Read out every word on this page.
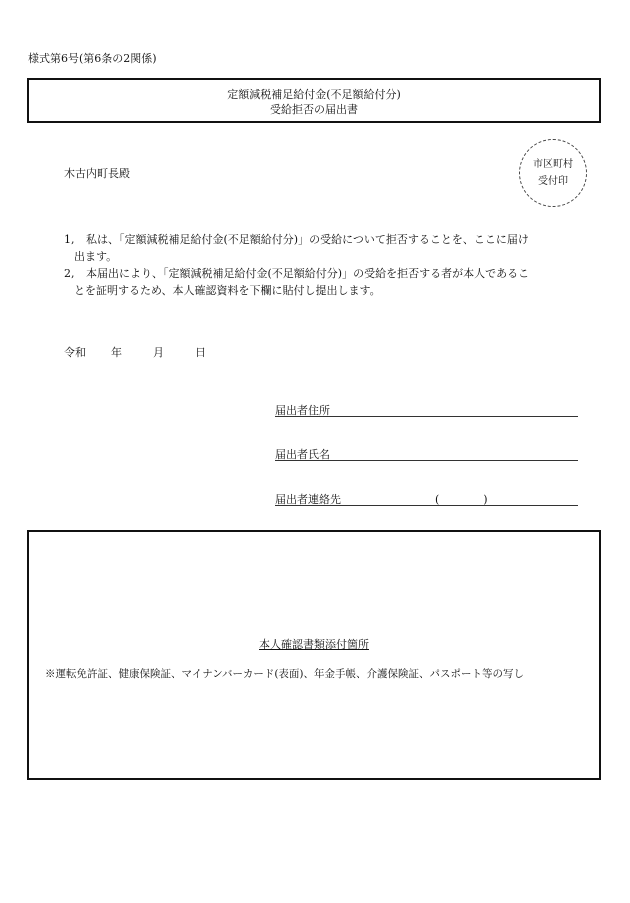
様式第6号(第6条の2関係)
定額減税補足給付金(不足額給付分)
受給拒否の届出書
木古内町長殿
市区町村
受付印
1, 私は、「定額減税補足給付金(不足額給付分)」の受給について拒否することを、ここに届け
出ます。
2, 本届出により、「定額減税補足給付金(不足額給付分)」の受給を拒否する者が本人であるこ
とを証明するため、本人確認資料を下欄に貼付し提出します。
令和 年	月	日
届出者住所
届出者氏名
届出者連絡先	(　　　　)
本人確認書類添付箇所
※運転免許証、健康保険証、マイナンバーカード(表面)、年金手帳、介護保険証、パスポート等の写し
